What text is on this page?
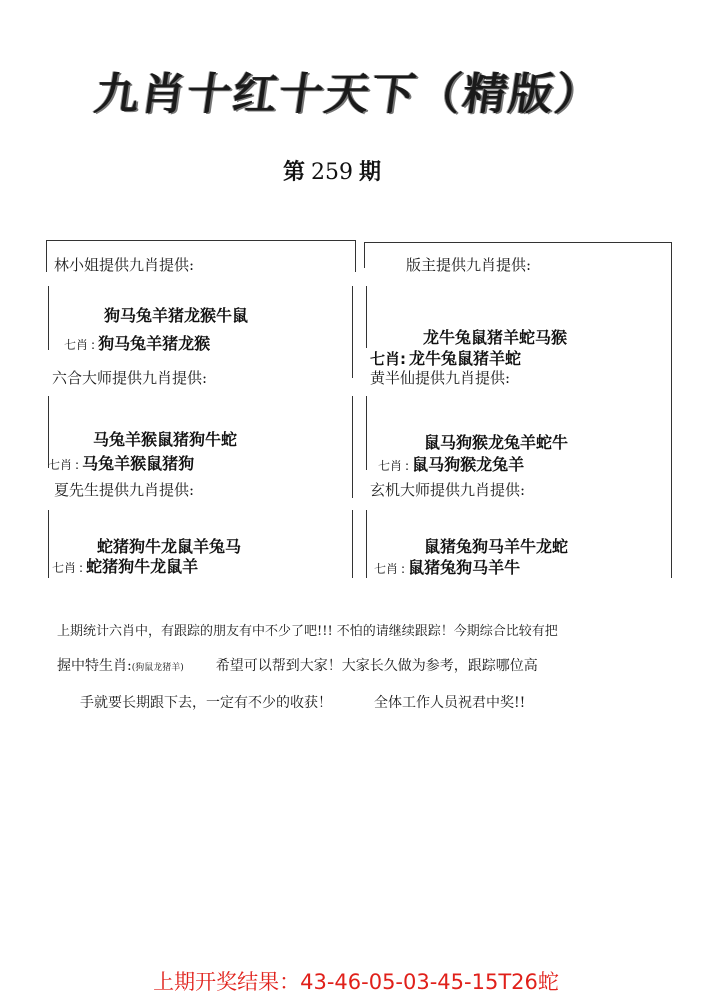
九肖十红十天下（精版）
第 259 期
林小姐提供九肖提供:
狗马兔羊猪龙猴牛鼠
七肖 : 狗马兔羊猪龙猴
六合大师提供九肖提供:
马兔羊猴鼠猪狗牛蛇
七肖 : 马兔羊猴鼠猪狗
夏先生提供九肖提供:
蛇猪狗牛龙鼠羊兔马
七肖 : 蛇猪狗牛龙鼠羊
版主提供九肖提供:
龙牛兔鼠猪羊蛇马猴
七肖: 龙牛兔鼠猪羊蛇
黄半仙提供九肖提供:
鼠马狗猴龙兔羊蛇牛
七肖 : 鼠马狗猴龙兔羊
玄机大师提供九肖提供:
鼠猪兔狗马羊牛龙蛇
七肖 : 鼠猪兔狗马羊牛
上期统计六肖中，有跟踪的朋友有中不少了吧!!! 不怕的请继续跟踪！今期综合比较有把
握中特生肖:(狗鼠龙猪羊) 希望可以帮到大家！大家长久做为参考，跟踪哪位高
手就要长期跟下去，一定有不少的收获！	全体工作人员祝君中奖!!
上期开奖结果：43-46-05-03-45-15T26蛇
